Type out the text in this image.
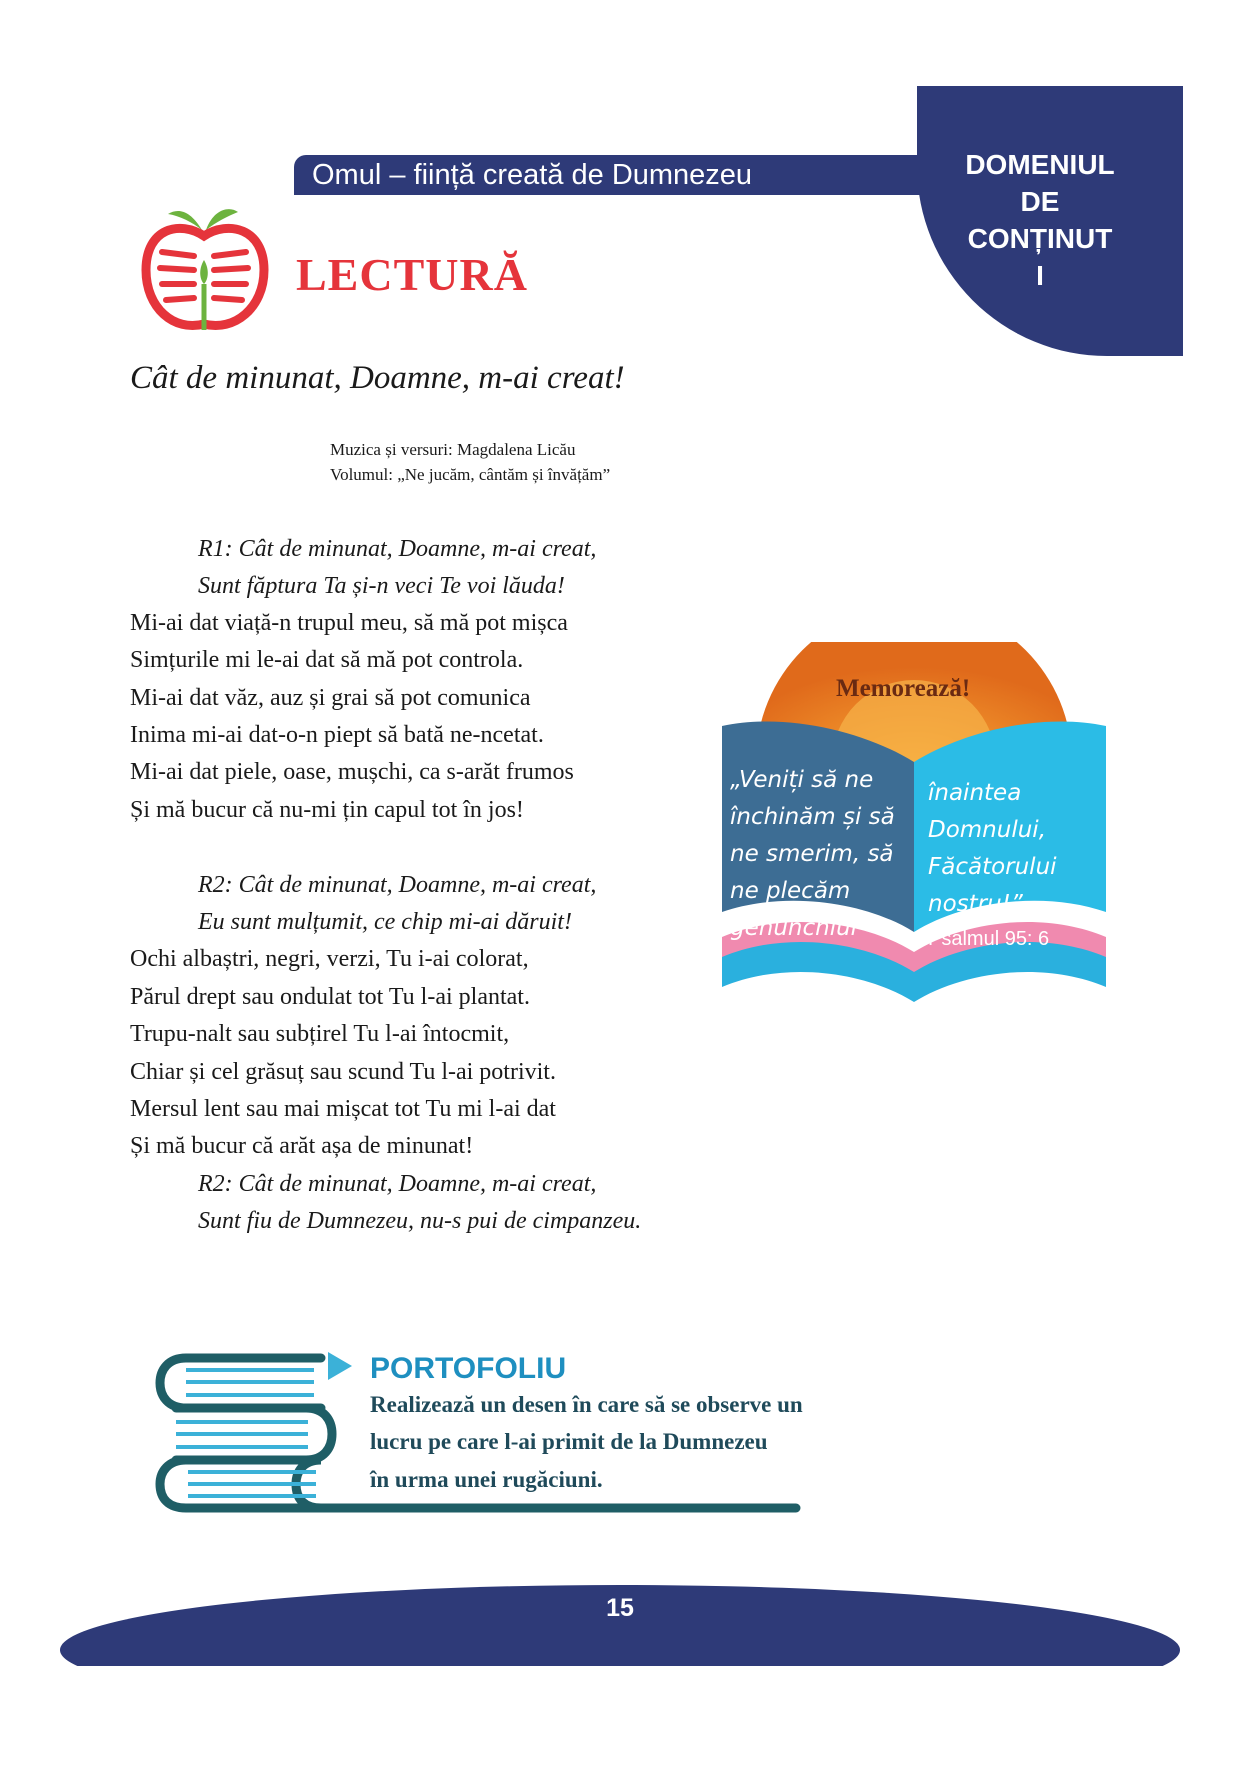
DOMENIUL
DE
CONȚINUT
I
Omul – ființă creată de Dumnezeu
LECTURĂ
Cât de minunat, Doamne, m-ai creat!
Muzica și versuri: Magdalena Licău
Volumul: „Ne jucăm, cântăm și învățăm”
R1: Cât de minunat, Doamne, m-ai creat,
Sunt făptura Ta și-n veci Te voi lăuda!
Mi-ai dat viață-n trupul meu, să mă pot mișca
Simțurile mi le-ai dat să mă pot controla.
Mi-ai dat văz, auz și grai să pot comunica
Inima mi-ai dat-o-n piept să bată ne-ncetat.
Mi-ai dat piele, oase, mușchi, ca s-arăt frumos
Și mă bucur că nu-mi țin capul tot în jos!
R2: Cât de minunat, Doamne, m-ai creat,
Eu sunt mulțumit, ce chip mi-ai dăruit!
Ochi albaștri, negri, verzi, Tu i-ai colorat,
Părul drept sau ondulat tot Tu l-ai plantat.
Trupu-nalt sau subțirel Tu l-ai întocmit,
Chiar și cel grăsuț sau scund Tu l-ai potrivit.
Mersul lent sau mai mișcat tot Tu mi l-ai dat
Și mă bucur că arăt așa de minunat!
R2: Cât de minunat, Doamne, m-ai creat,
Sunt fiu de Dumnezeu, nu-s pui de cimpanzeu.
Memorează!
„Veniți să ne închinăm și să ne smerim, să ne plecăm genunchiul
înaintea Domnului, Făcătorului nostru!”
Psalmul 95: 6
PORTOFOLIU
Realizează un desen în care să se observe un
lucru pe care l-ai primit de la Dumnezeu
în urma unei rugăciuni.
15
